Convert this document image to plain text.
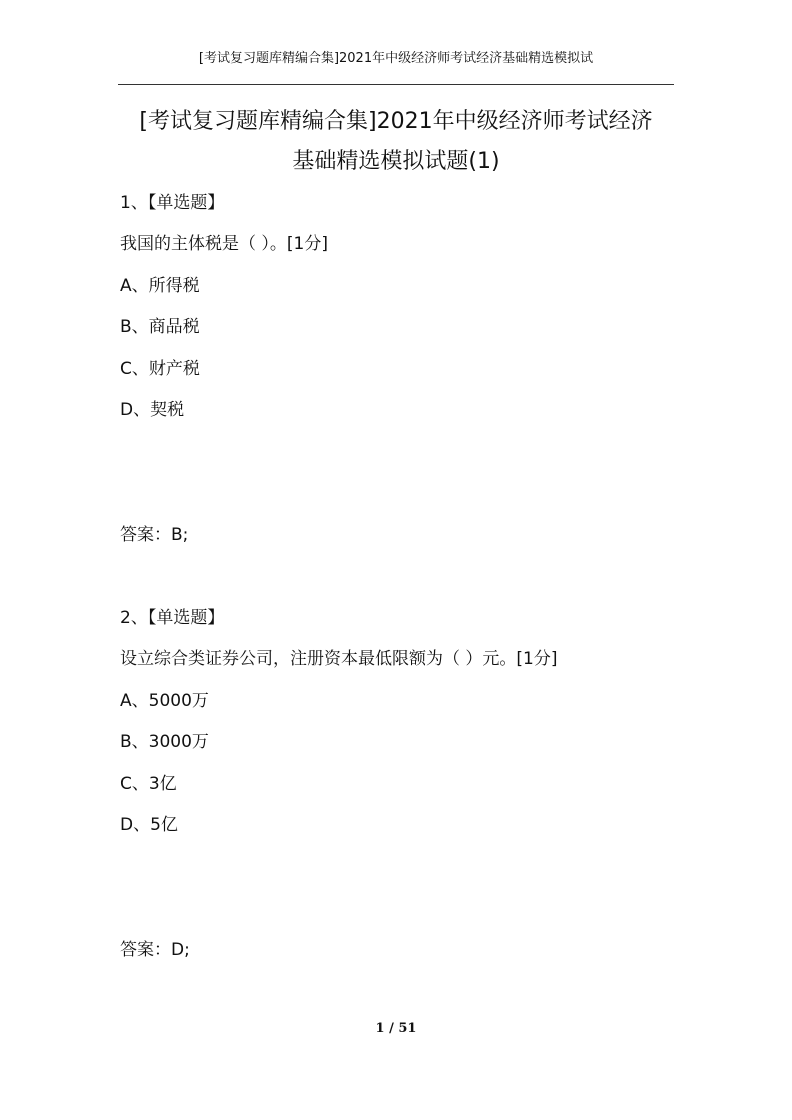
[考试复习题库精编合集]2021年中级经济师考试经济基础精选模拟试
[考试复习题库精编合集]2021年中级经济师考试经济
基础精选模拟试题(1)
1、【单选题】
我国的主体税是（ ）。[1分]
A、所得税
B、商品税
C、财产税
D、契税
答案：B;
2、【单选题】
设立综合类证券公司，注册资本最低限额为（ ）元。[1分]
A、5000万
B、3000万
C、3亿
D、5亿
答案：D;
1 / 51
